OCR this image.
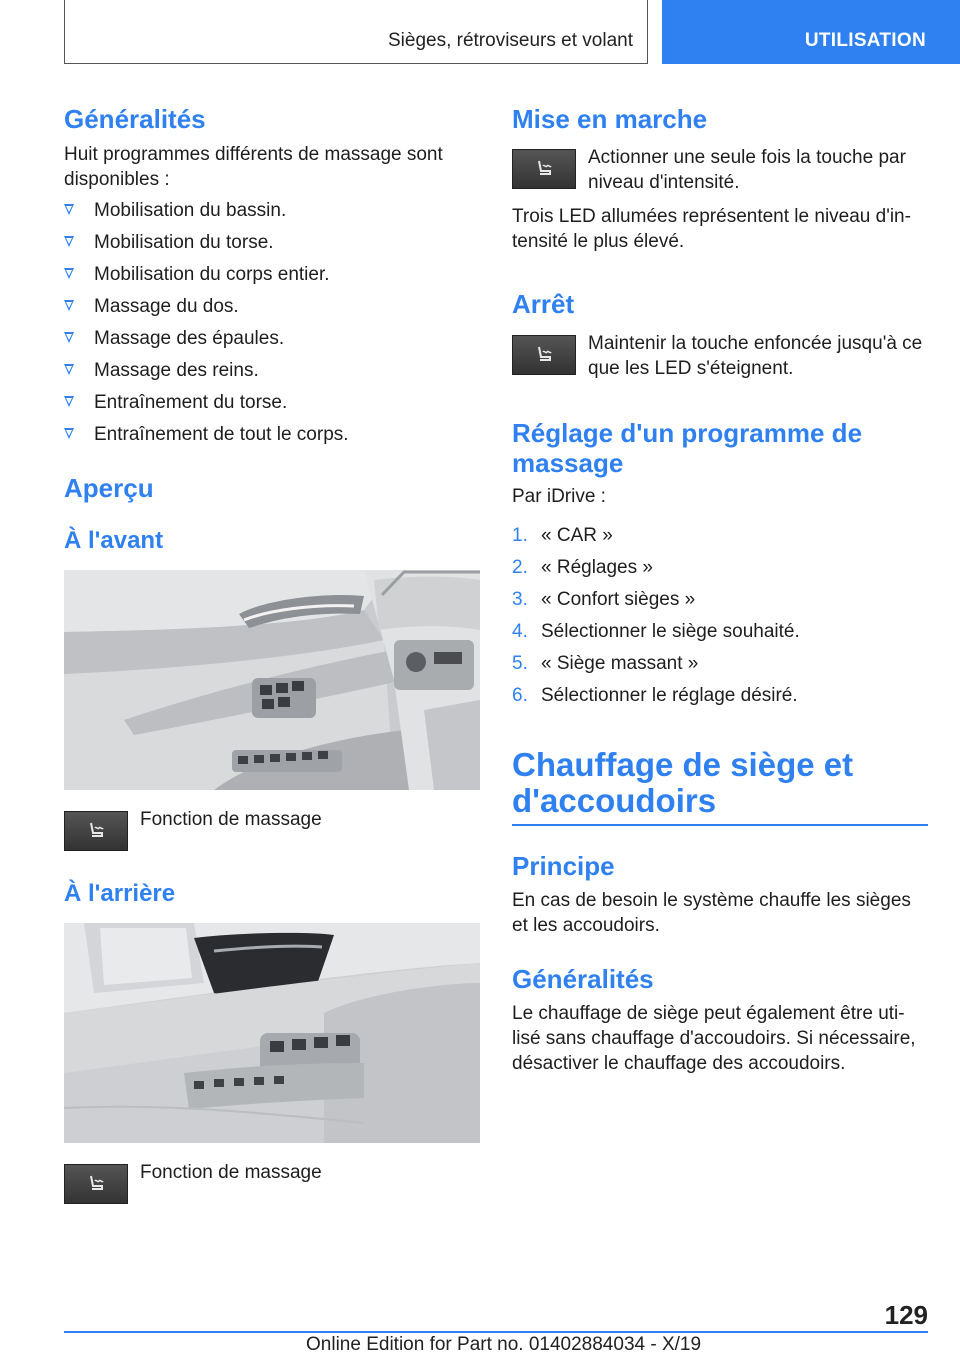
Sièges, rétroviseurs et volant	UTILISATION
Généralités
Huit programmes différents de massage sont
disponibles :
Mobilisation du bassin.
Mobilisation du torse.
Mobilisation du corps entier.
Massage du dos.
Massage des épaules.
Massage des reins.
Entraînement du torse.
Entraînement de tout le corps.
Aperçu
À l'avant
Fonction de massage
À l'arrière
Fonction de massage
Mise en marche
Actionner une seule fois la touche par
niveau d'intensité.
Trois LED allumées représentent le niveau d'in‐
tensité le plus élevé.
Arrêt
Maintenir la touche enfoncée jusqu'à ce
que les LED s'éteignent.
Réglage d'un programme de
massage
Par iDrive :
1. « CAR »
2. « Réglages »
3. « Confort sièges »
4. Sélectionner le siège souhaité.
5. « Siège massant »
6. Sélectionner le réglage désiré.
Chauffage de siège et
d'accoudoirs
Principe
En cas de besoin le système chauffe les sièges
et les accoudoirs.
Généralités
Le chauffage de siège peut également être uti‐
lisé sans chauffage d'accoudoirs. Si nécessaire,
désactiver le chauffage des accoudoirs.
129
Online Edition for Part no. 01402884034 - X/19
